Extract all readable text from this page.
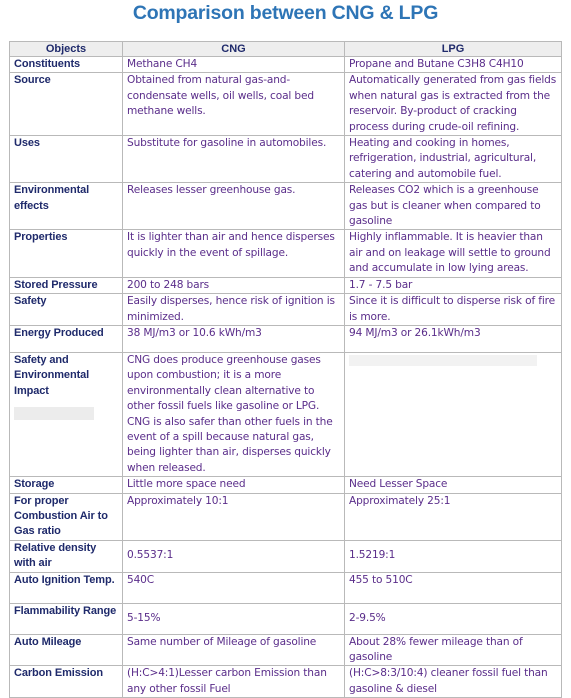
Comparison between CNG & LPG
Objects	CNG	LPG
Constituents	Methane CH4	Propane and Butane C3H8 C4H10
Source	Obtained from natural gas-and-condensate wells, oil wells, coal bed methane wells.	Automatically generated from gas fields when natural gas is extracted from the reservoir. By-product of cracking process during crude-oil refining.
Uses	Substitute for gasoline in automobiles.	Heating and cooking in homes, refrigeration, industrial, agricultural, catering and automobile fuel.
Environmental effects	Releases lesser greenhouse gas.	Releases CO2 which is a greenhouse gas but is cleaner when compared to gasoline
Properties	It is lighter than air and hence disperses quickly in the event of spillage.	Highly inflammable. It is heavier than air and on leakage will settle to ground and accumulate in low lying areas.
Stored Pressure	200 to 248 bars	1.7 - 7.5 bar
Safety	Easily disperses, hence risk of ignition is minimized.	Since it is difficult to disperse risk of fire is more.
Energy Produced	38 MJ/m3 or 10.6 kWh/m3	94 MJ/m3 or 26.1kWh/m3

Safety and Environmental Impact	CNG does produce greenhouse gases upon combustion; it is a more environmentally clean alternative to other fossil fuels like gasoline or LPG. CNG is also safer than other fuels in the event of a spill because natural gas, being lighter than air, disperses quickly when released.	

Storage	Little more space need	Need Lesser Space
For proper Combustion Air to Gas ratio	Approximately 10:1	Approximately 25:1
Relative density with air	0.5537:1	1.5219:1
Auto Ignition Temp.	540C	455 to 510C
Flammability Range	5-15%	2-9.5%
Auto Mileage	Same number of Mileage of gasoline	About 28% fewer mileage than of gasoline
Carbon Emission	(H:C>4:1)Lesser carbon Emission than any other fossil Fuel	(H:C>8:3/10:4) cleaner fossil fuel than gasoline & diesel
